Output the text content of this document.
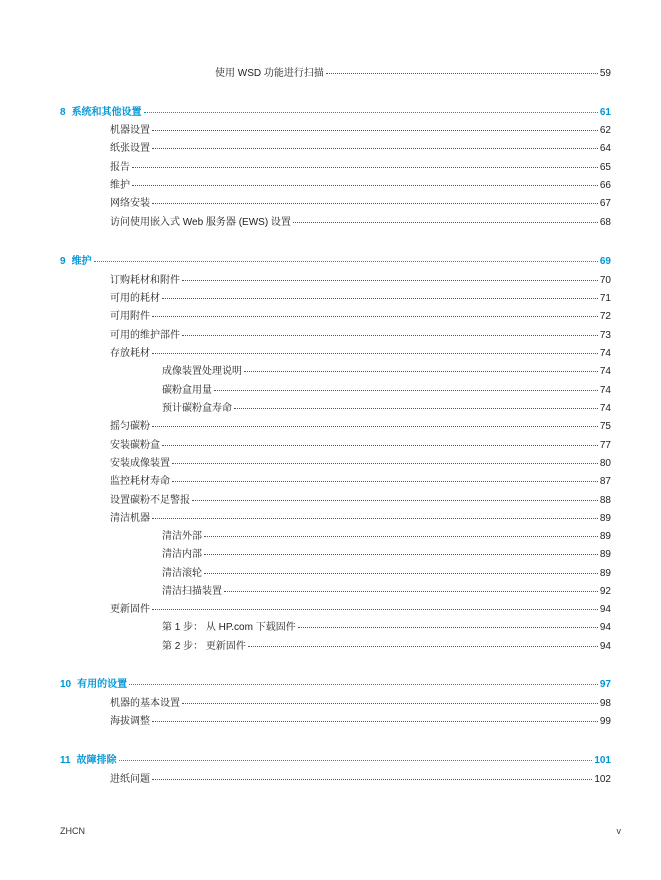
使用 WSD 功能进行扫描	59
8 系统和其他设置	61
机器设置	62
纸张设置	64
报告	65
维护	66
网络安装	67
访问使用嵌入式 Web 服务器 (EWS) 设置	68
9 维护	69
订购耗材和附件	70
可用的耗材	71
可用附件	72
可用的维护部件	73
存放耗材	74
成像装置处理说明	74
碳粉盒用量	74
预计碳粉盒寿命	74
摇匀碳粉	75
安装碳粉盒	77
安装成像装置	80
监控耗材寿命	87
设置碳粉不足警报	88
清洁机器	89
清洁外部	89
清洁内部	89
清洁滚轮	89
清洁扫描装置	92
更新固件	94
第 1 步： 从 HP.com 下载固件	94
第 2 步： 更新固件	94
10 有用的设置	97
机器的基本设置	98
海拔调整	99
11 故障排除	101
进纸问题	102
ZHCN	v
